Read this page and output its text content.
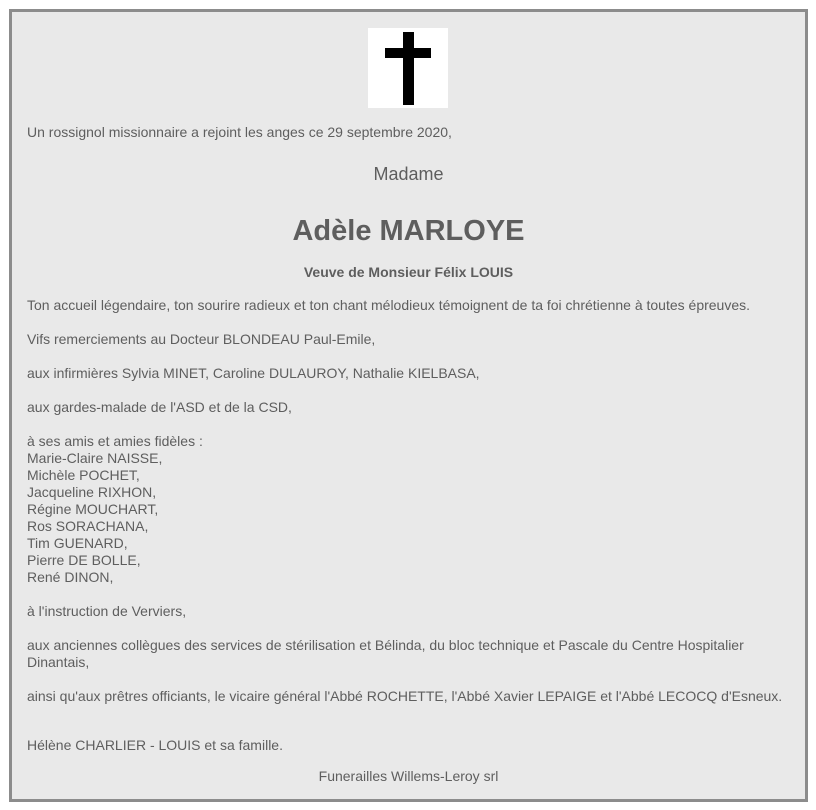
Un rossignol missionnaire a rejoint les anges ce 29 septembre 2020,
Madame
Adèle MARLOYE
Veuve de Monsieur Félix LOUIS
Ton accueil légendaire, ton sourire radieux et ton chant mélodieux témoignent de ta foi chrétienne à toutes épreuves.
Vifs remerciements au Docteur BLONDEAU Paul-Emile,
aux infirmières Sylvia MINET, Caroline DULAUROY, Nathalie KIELBASA,
aux gardes-malade de l'ASD et de la CSD,
à ses amis et amies fidèles :
Marie-Claire NAISSE,
Michèle POCHET,
Jacqueline RIXHON,
Régine MOUCHART,
Ros SORACHANA,
Tim GUENARD,
Pierre DE BOLLE,
René DINON,
à l'instruction de Verviers,
aux anciennes collègues des services de stérilisation et Bélinda, du bloc technique et Pascale du Centre Hospitalier Dinantais,
ainsi qu'aux prêtres officiants, le vicaire général l'Abbé ROCHETTE, l'Abbé Xavier LEPAIGE et l'Abbé LECOCQ d'Esneux.
Hélène CHARLIER - LOUIS et sa famille.
Funerailles Willems-Leroy srl
